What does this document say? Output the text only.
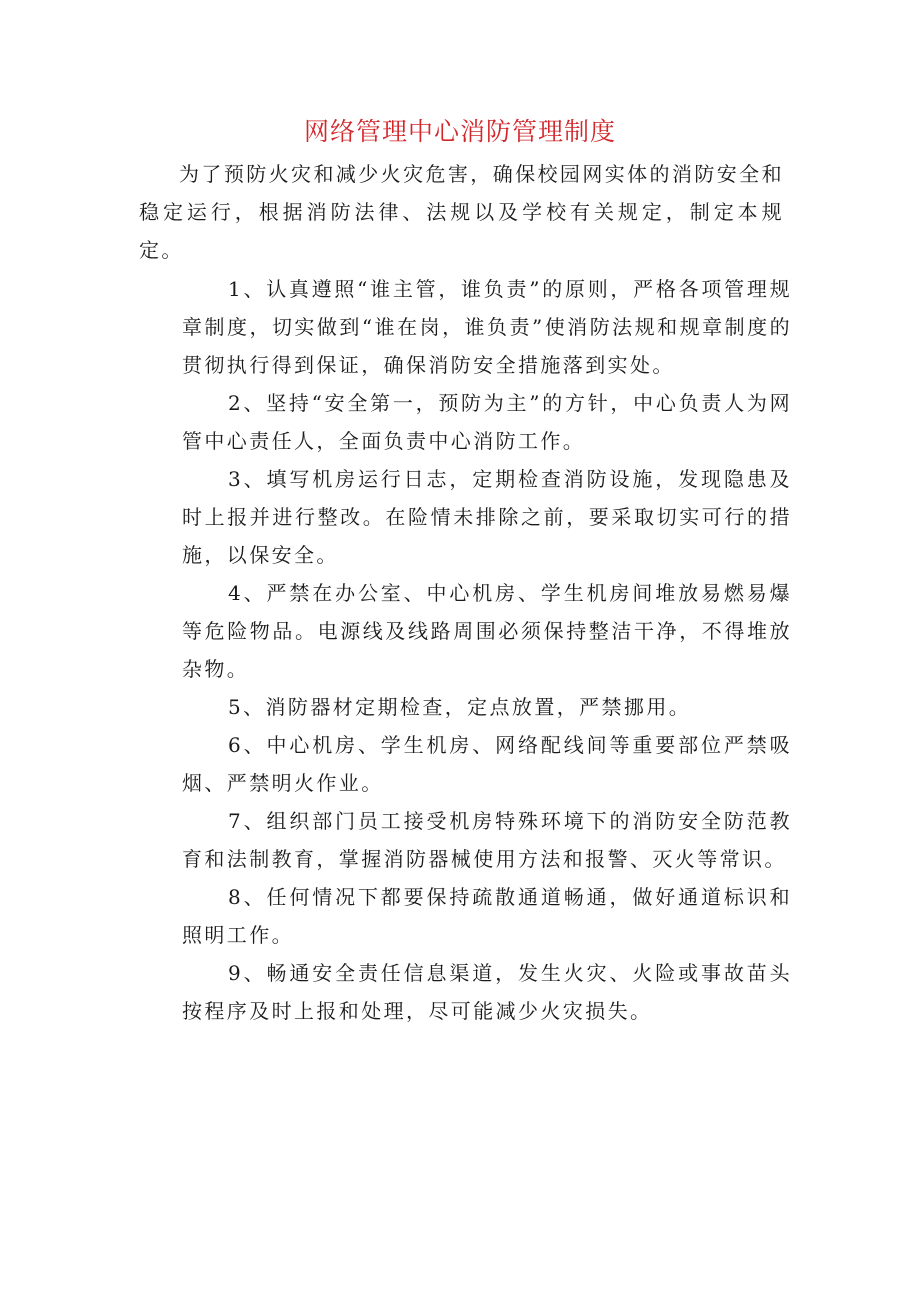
网络管理中心消防管理制度

为了预防火灾和减少火灾危害，确保校园网实体的消防安全和稳定运行，根据消防法律、法规以及学校有关规定，制定本规定。

1、认真遵照“谁主管，谁负责”的原则，严格各项管理规章制度，切实做到“谁在岗，谁负责”使消防法规和规章制度的贯彻执行得到保证，确保消防安全措施落到实处。

2、坚持“安全第一，预防为主”的方针，中心负责人为网管中心责任人，全面负责中心消防工作。

3、填写机房运行日志，定期检查消防设施，发现隐患及时上报并进行整改。在险情未排除之前，要采取切实可行的措施，以保安全。

4、严禁在办公室、中心机房、学生机房间堆放易燃易爆等危险物品。电源线及线路周围必须保持整洁干净，不得堆放杂物。

5、消防器材定期检查，定点放置，严禁挪用。

6、中心机房、学生机房、网络配线间等重要部位严禁吸烟、严禁明火作业。

7、组织部门员工接受机房特殊环境下的消防安全防范教育和法制教育，掌握消防器械使用方法和报警、灭火等常识。

8、任何情况下都要保持疏散通道畅通，做好通道标识和照明工作。

9、畅通安全责任信息渠道，发生火灾、火险或事故苗头按程序及时上报和处理，尽可能减少火灾损失。
